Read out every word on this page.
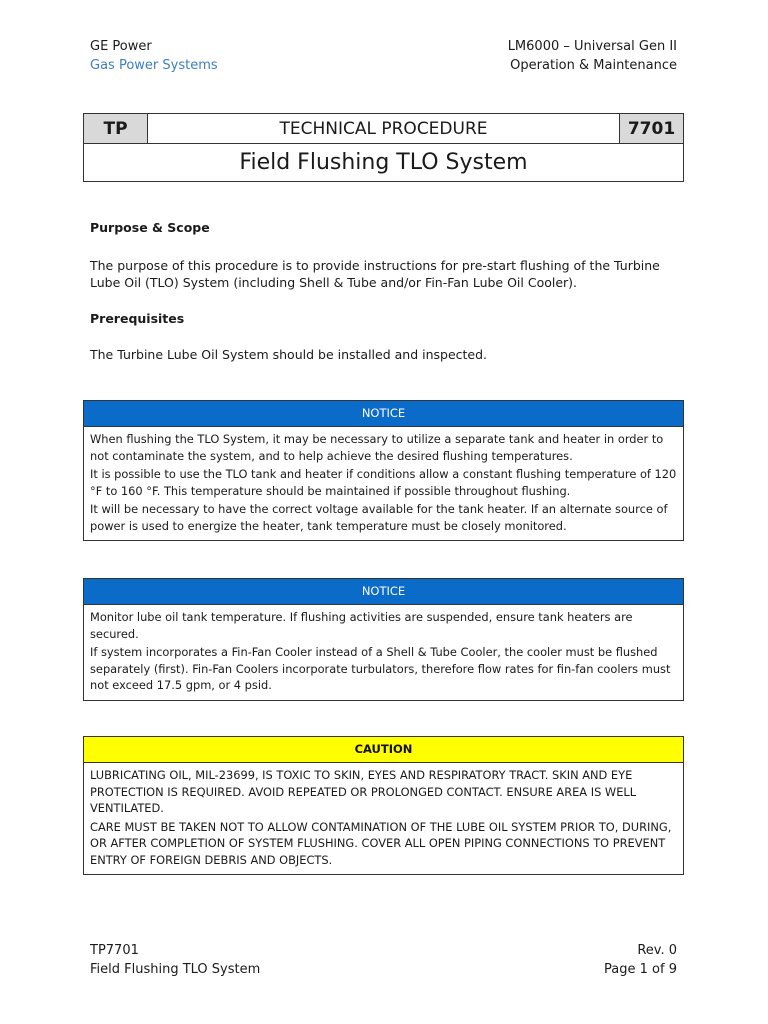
GE Power
Gas Power Systems
LM6000 – Universal Gen II
Operation & Maintenance
TP	TECHNICAL PROCEDURE	7701
Field Flushing TLO System
Purpose & Scope
The purpose of this procedure is to provide instructions for pre-start flushing of the Turbine Lube Oil (TLO) System (including Shell & Tube and/or Fin-Fan Lube Oil Cooler).
Prerequisites
The Turbine Lube Oil System should be installed and inspected.
NOTICE

When flushing the TLO System, it may be necessary to utilize a separate tank and heater in order to not contaminate the system, and to help achieve the desired flushing temperatures.

It is possible to use the TLO tank and heater if conditions allow a constant flushing temperature of 120 °F to 160 °F. This temperature should be maintained if possible throughout flushing.

It will be necessary to have the correct voltage available for the tank heater. If an alternate source of power is used to energize the heater, tank temperature must be closely monitored.

NOTICE

Monitor lube oil tank temperature. If flushing activities are suspended, ensure tank heaters are secured.

If system incorporates a Fin-Fan Cooler instead of a Shell & Tube Cooler, the cooler must be flushed separately (first). Fin-Fan Coolers incorporate turbulators, therefore flow rates for fin-fan coolers must not exceed 17.5 gpm, or 4 psid.

CAUTION

LUBRICATING OIL, MIL-23699, IS TOXIC TO SKIN, EYES AND RESPIRATORY TRACT. SKIN AND EYE PROTECTION IS REQUIRED. AVOID REPEATED OR PROLONGED CONTACT. ENSURE AREA IS WELL VENTILATED.

CARE MUST BE TAKEN NOT TO ALLOW CONTAMINATION OF THE LUBE OIL SYSTEM PRIOR TO, DURING, OR AFTER COMPLETION OF SYSTEM FLUSHING. COVER ALL OPEN PIPING CONNECTIONS TO PREVENT ENTRY OF FOREIGN DEBRIS AND OBJECTS.

TP7701
Field Flushing TLO System
Rev. 0
Page 1 of 9
